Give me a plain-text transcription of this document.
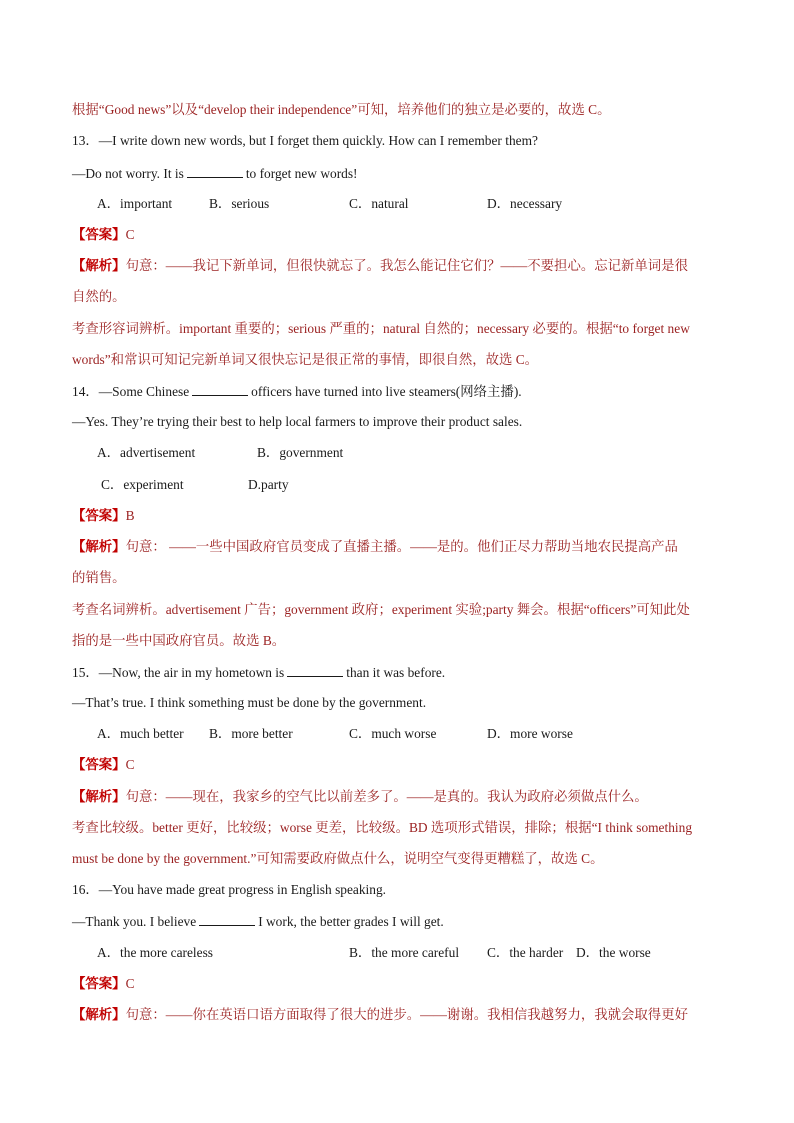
根据“Good news”以及“develop their independence”可知，培养他们的独立是必要的，故选 C。
13．—I write down new words, but I forget them quickly. How can I remember them?
—Do not worry. It is	to forget new words!
A．important	B．serious	C．natural	D．necessary
【答案】C
【解析】句意：——我记下新单词，但很快就忘了。我怎么能记住它们？——不要担心。忘记新单词是很
自然的。
考查形容词辨析。important 重要的；serious 严重的；natural 自然的；necessary 必要的。根据“to forget new
words”和常识可知记完新单词又很快忘记是很正常的事情，即很自然，故选 C。
14．—Some Chinese	officers have turned into live steamers(网络主播).
—Yes. They’re trying their best to help local farmers to improve their product sales.
A．advertisement	B．government
C．experiment	D.party
【答案】B
【解析】句意： ——一些中国政府官员变成了直播主播。——是的。他们正尽力帮助当地农民提高产品
的销售。
考查名词辨析。advertisement 广告；government 政府；experiment 实验;party 舞会。根据“officers”可知此处
指的是一些中国政府官员。故选 B。
15．—Now, the air in my hometown is	than it was before.
—That’s true. I think something must be done by the government.
A．much better B．more better	C．much worse	D．more worse
【答案】C
【解析】句意：——现在，我家乡的空气比以前差多了。——是真的。我认为政府必须做点什么。
考查比较级。better 更好，比较级；worse 更差，比较级。BD 选项形式错误，排除；根据“I think something
must be done by the government.”可知需要政府做点什么，说明空气变得更糟糕了，故选 C。
16．—You have made great progress in English speaking.
—Thank you. I believe	I work, the better grades I will get.
A．the more careless	B．the more careful C．the harder D．the worse
【答案】C
【解析】句意：——你在英语口语方面取得了很大的进步。——谢谢。我相信我越努力，我就会取得更好
